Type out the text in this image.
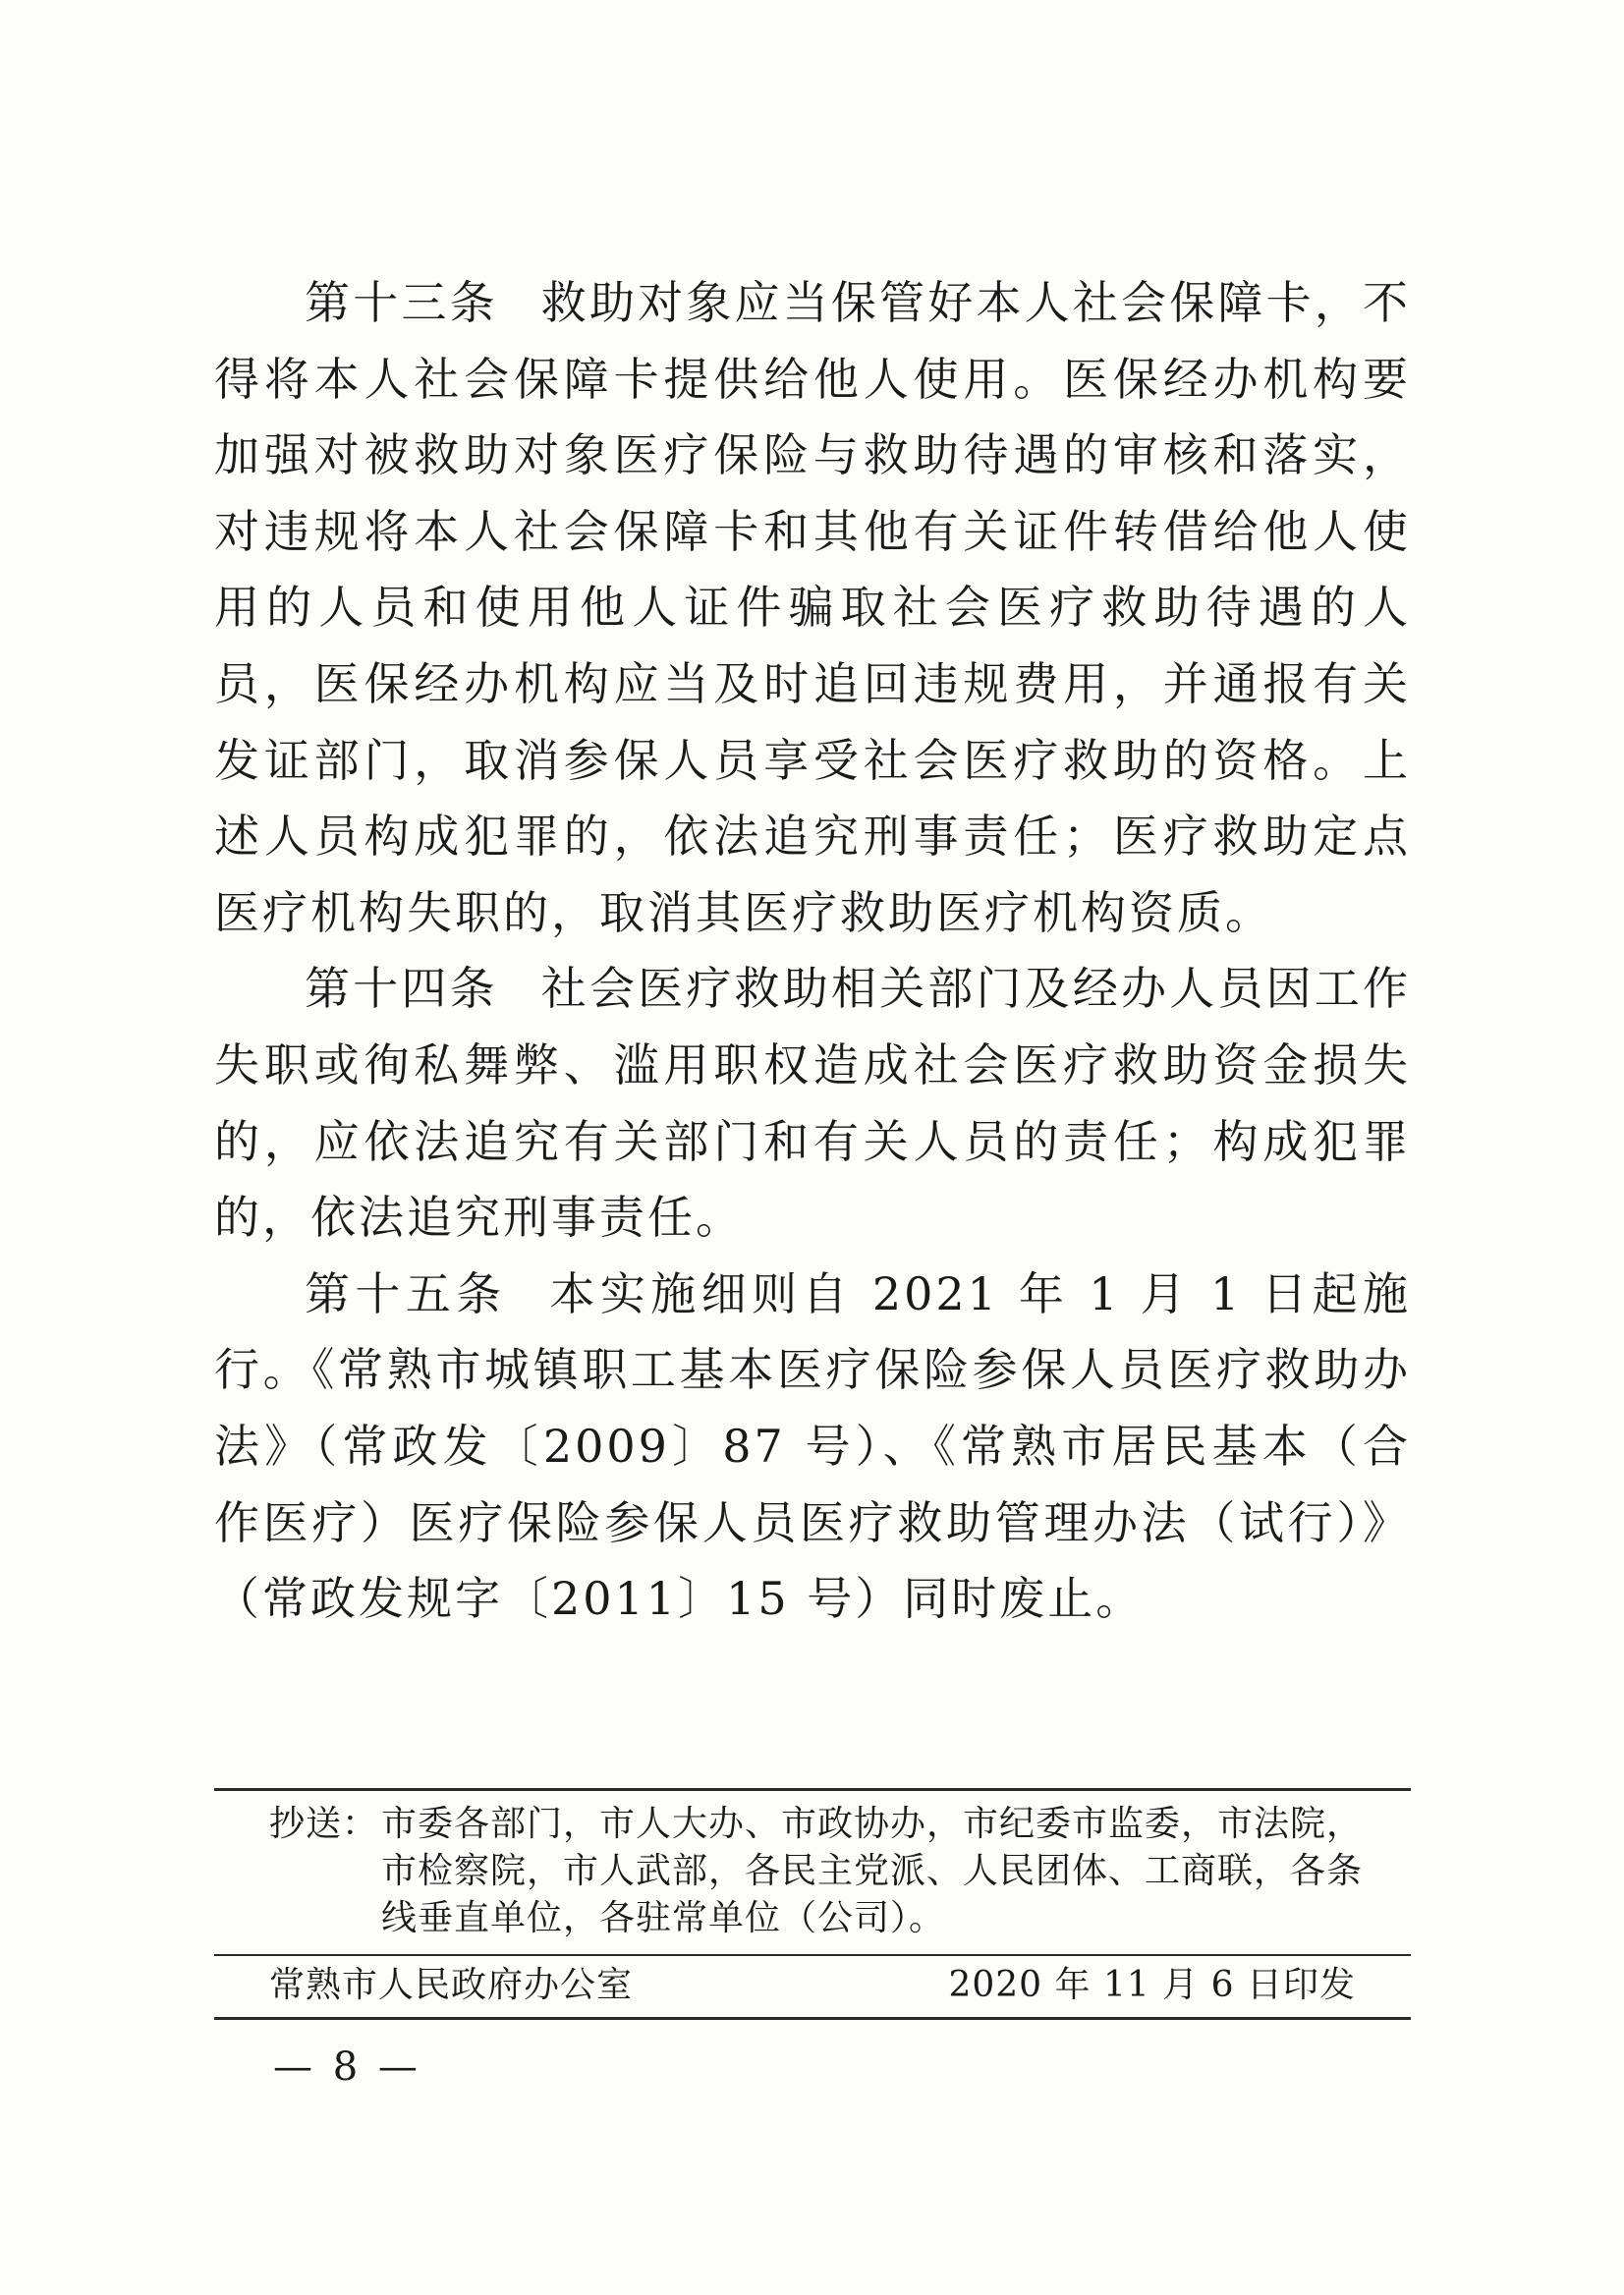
第十三条 救助对象应当保管好本人社会保障卡，不得将本人社会保障卡提供给他人使用。医保经办机构要加强对被救助对象医疗保险与救助待遇的审核和落实，对违规将本人社会保障卡和其他有关证件转借给他人使用的人员和使用他人证件骗取社会医疗救助待遇的人员，医保经办机构应当及时追回违规费用，并通报有关发证部门，取消参保人员享受社会医疗救助的资格。上述人员构成犯罪的，依法追究刑事责任；医疗救助定点医疗机构失职的，取消其医疗救助医疗机构资质。

第十四条 社会医疗救助相关部门及经办人员因工作失职或徇私舞弊、滥用职权造成社会医疗救助资金损失的，应依法追究有关部门和有关人员的责任；构成犯罪的，依法追究刑事责任。

第十五条 本实施细则自 2021 年 1 月 1 日起施行。《常熟市城镇职工基本医疗保险参保人员医疗救助办法》（常政发〔2009〕87 号）、《常熟市居民基本（合作医疗）医疗保险参保人员医疗救助管理办法（试行）》（常政发规字〔2011〕15 号）同时废止。

抄送： 市委各部门，市人大办、市政协办，市纪委市监委，市法院，市检察院，市人武部，各民主党派、人民团体、工商联，各条线垂直单位，各驻常单位（公司）。
常熟市人民政府办公室	2020 年 11 月 6 日印发
— 8 —
